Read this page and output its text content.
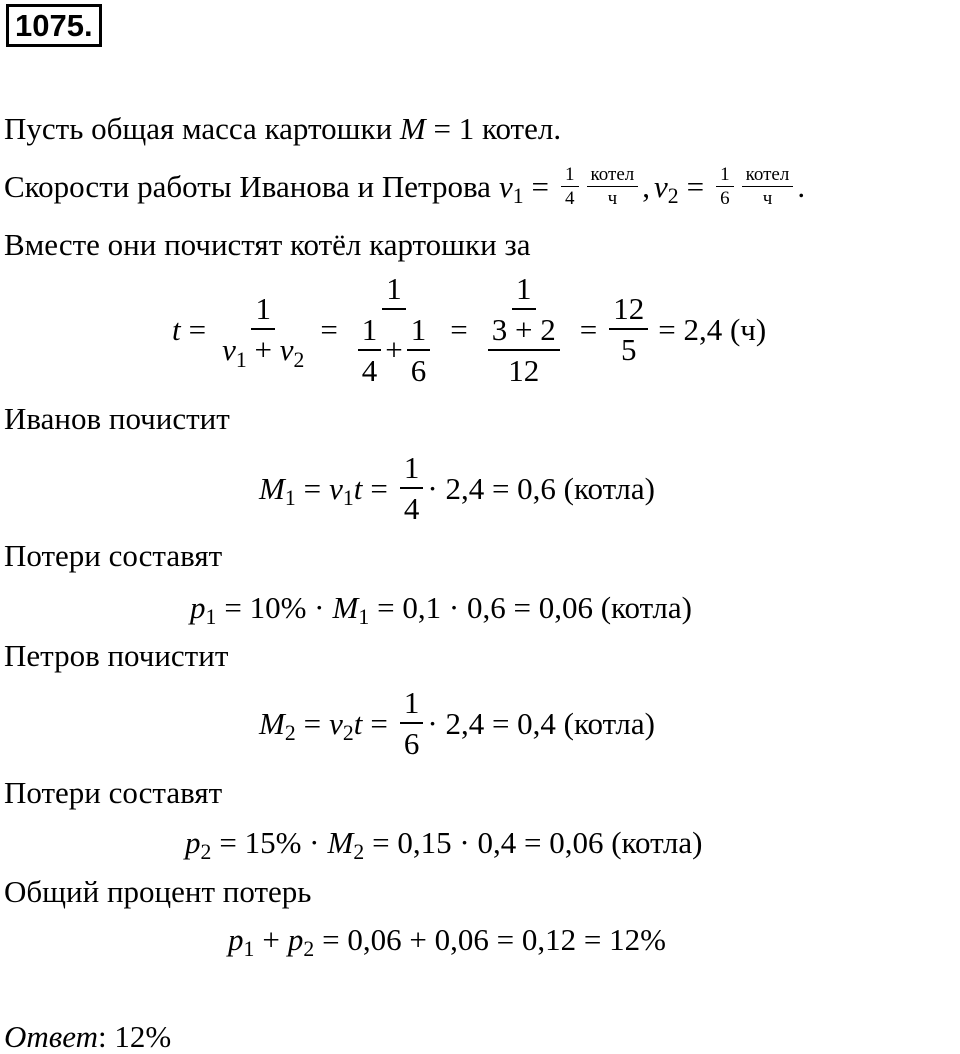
1075.
Пусть общая масса картошки M = 1 котел.
Скорости работы Иванова и Петрова $v_1 = \frac{1}{4} \frac{\text{котел}}{ч}$ , $v_2 = \frac{1}{6} \frac{\text{котел}}{ч}$ .
Вместе они почистят котёл картошки за
$t = \frac{1}{v_1 + v_2} = \frac{1}{\frac{1}{4} + \frac{1}{6}} = \frac{1}{\frac{3 + 2}{12}} = \frac{12}{5} = 2,4$ (ч)
Иванов почистит
$M_1 = v_1t = \frac{1}{4} \cdot 2,4 = 0,6$ (котла)
Потери составят
$p_1 = 10\% \cdot M_1 = 0,1 \cdot 0,6 = 0,06$ (котла)
Петров почистит
$M_2 = v_2t = \frac{1}{6} \cdot 2,4 = 0,4$ (котла)
Потери составят
$p_2 = 15\% \cdot M_2 = 0,15 \cdot 0,4 = 0,06$ (котла)
Общий процент потерь
$p_1 + p_2 = 0,06 + 0,06 = 0,12 = 12\%$
Ответ: 12%
